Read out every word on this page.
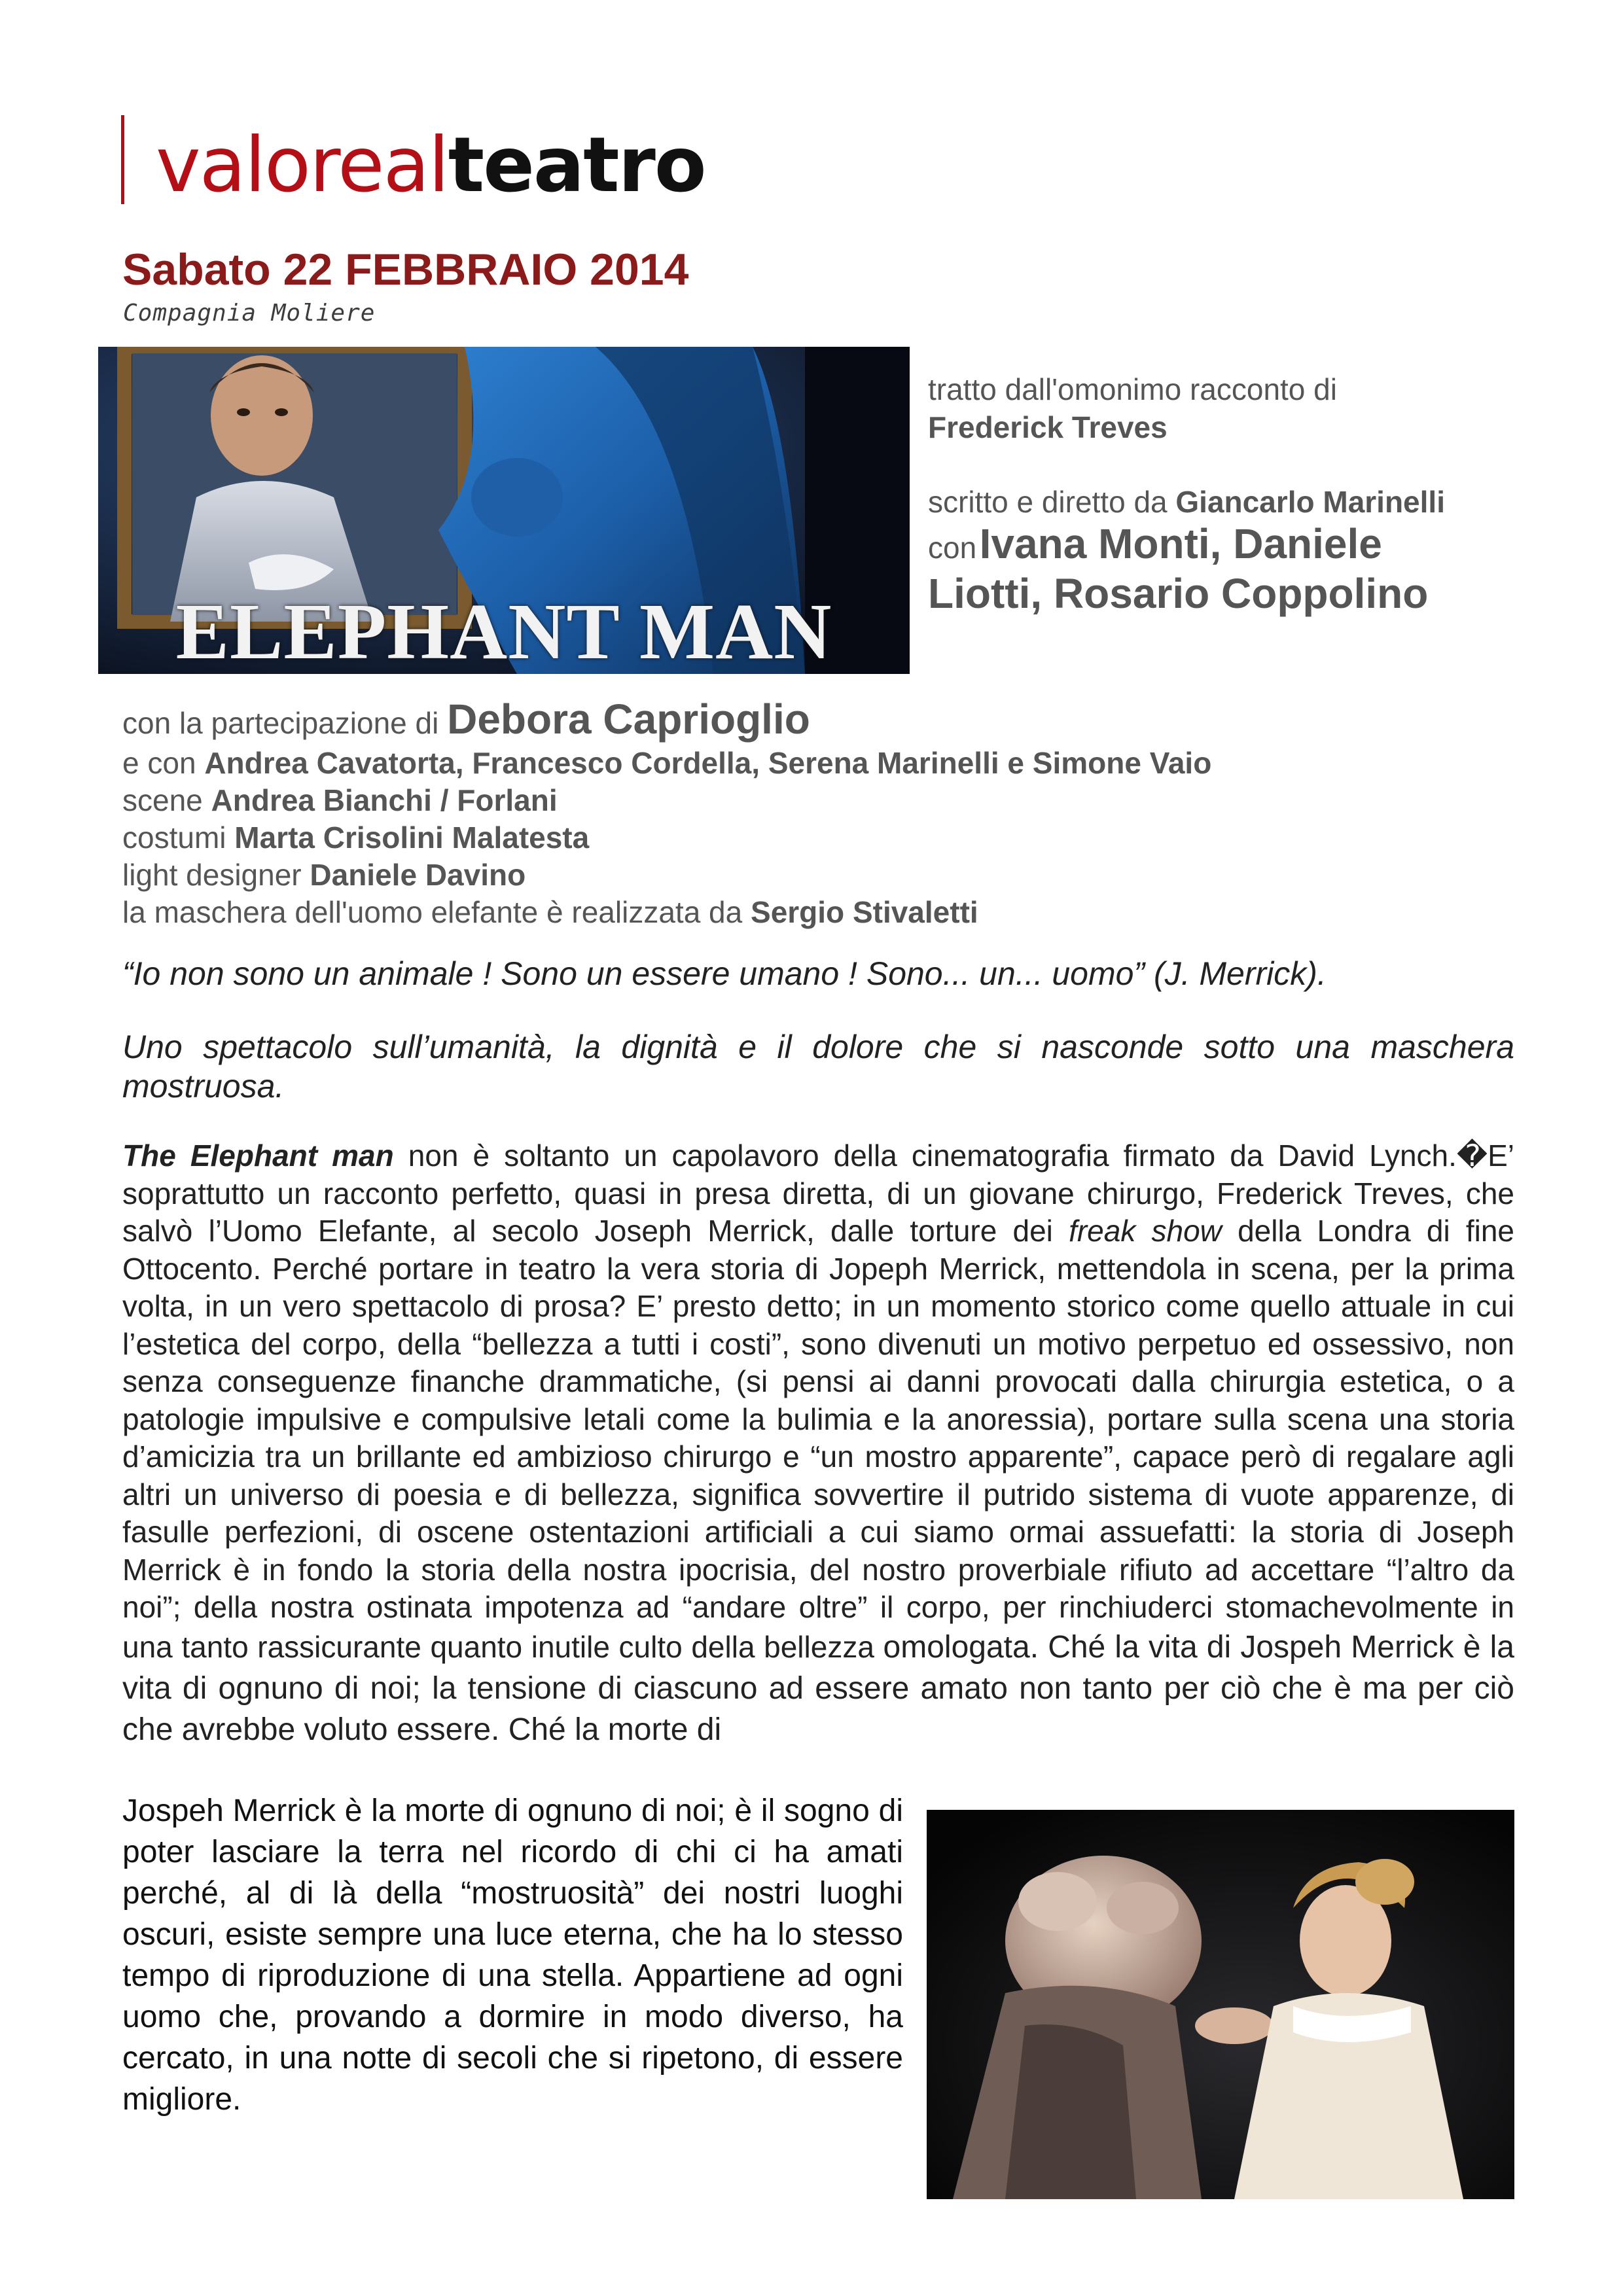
valorealteatro
Sabato 22 FEBBRAIO 2014
Compagnia Moliere
ELEPHANT MAN
tratto dall'omonimo racconto di
Frederick Treves
scritto e diretto da Giancarlo Marinelli
con Ivana Monti, Daniele
Liotti, Rosario Coppolino
con la partecipazione di Debora Caprioglio
e con Andrea Cavatorta, Francesco Cordella, Serena Marinelli e Simone Vaio
scene Andrea Bianchi / Forlani
costumi Marta Crisolini Malatesta
light designer Daniele Davino
la maschera dell'uomo elefante è realizzata da Sergio Stivaletti
“Io non sono un animale ! Sono un essere umano ! Sono... un... uomo” (J. Merrick).
Uno spettacolo sull’umanità, la dignità e il dolore che si nasconde sotto una maschera mostruosa.
The Elephant man non è soltanto un capolavoro della cinematografia firmato da David Lynch.�E’ soprattutto un racconto perfetto, quasi in presa diretta, di un giovane chirurgo, Frederick Treves, che salvò l’Uomo Elefante, al secolo Joseph Merrick, dalle torture dei freak show della Londra di fine Ottocento. Perché portare in teatro la vera storia di Jopeph Merrick, mettendola in scena, per la prima volta, in un vero spettacolo di prosa? E’ presto detto; in un momento storico come quello attuale in cui l’estetica del corpo, della “bellezza a tutti i costi”, sono divenuti un motivo perpetuo ed ossessivo, non senza conseguenze finanche drammatiche, (si pensi ai danni provocati dalla chirurgia estetica, o a patologie impulsive e compulsive letali come la bulimia e la anoressia), portare sulla scena una storia d’amicizia tra un brillante ed ambizioso chirurgo e “un mostro apparente”, capace però di regalare agli altri un universo di poesia e di bellezza, significa sovvertire il putrido sistema di vuote apparenze, di fasulle perfezioni, di oscene ostentazioni artificiali a cui siamo ormai assuefatti: la storia di Joseph Merrick è in fondo la storia della nostra ipocrisia, del nostro proverbiale rifiuto ad accettare “l’altro da noi”; della nostra ostinata impotenza ad “andare oltre” il corpo, per rinchiuderci stomachevolmente in una tanto rassicurante quanto inutile culto della bellezza omologata. Ché la vita di Jospeh Merrick è la vita di ognuno di noi; la tensione di ciascuno ad essere amato non tanto per ciò che è ma per ciò che avrebbe voluto essere. Ché la morte di
Jospeh Merrick è la morte di ognuno di noi; è il sogno di poter lasciare la terra nel ricordo di chi ci ha amati perché, al di là della “mostruosità” dei nostri luoghi oscuri, esiste sempre una luce eterna, che ha lo stesso tempo di riproduzione di una stella. Appartiene ad ogni uomo che, provando a dormire in modo diverso, ha cercato, in una notte di secoli che si ripetono, di essere migliore.
